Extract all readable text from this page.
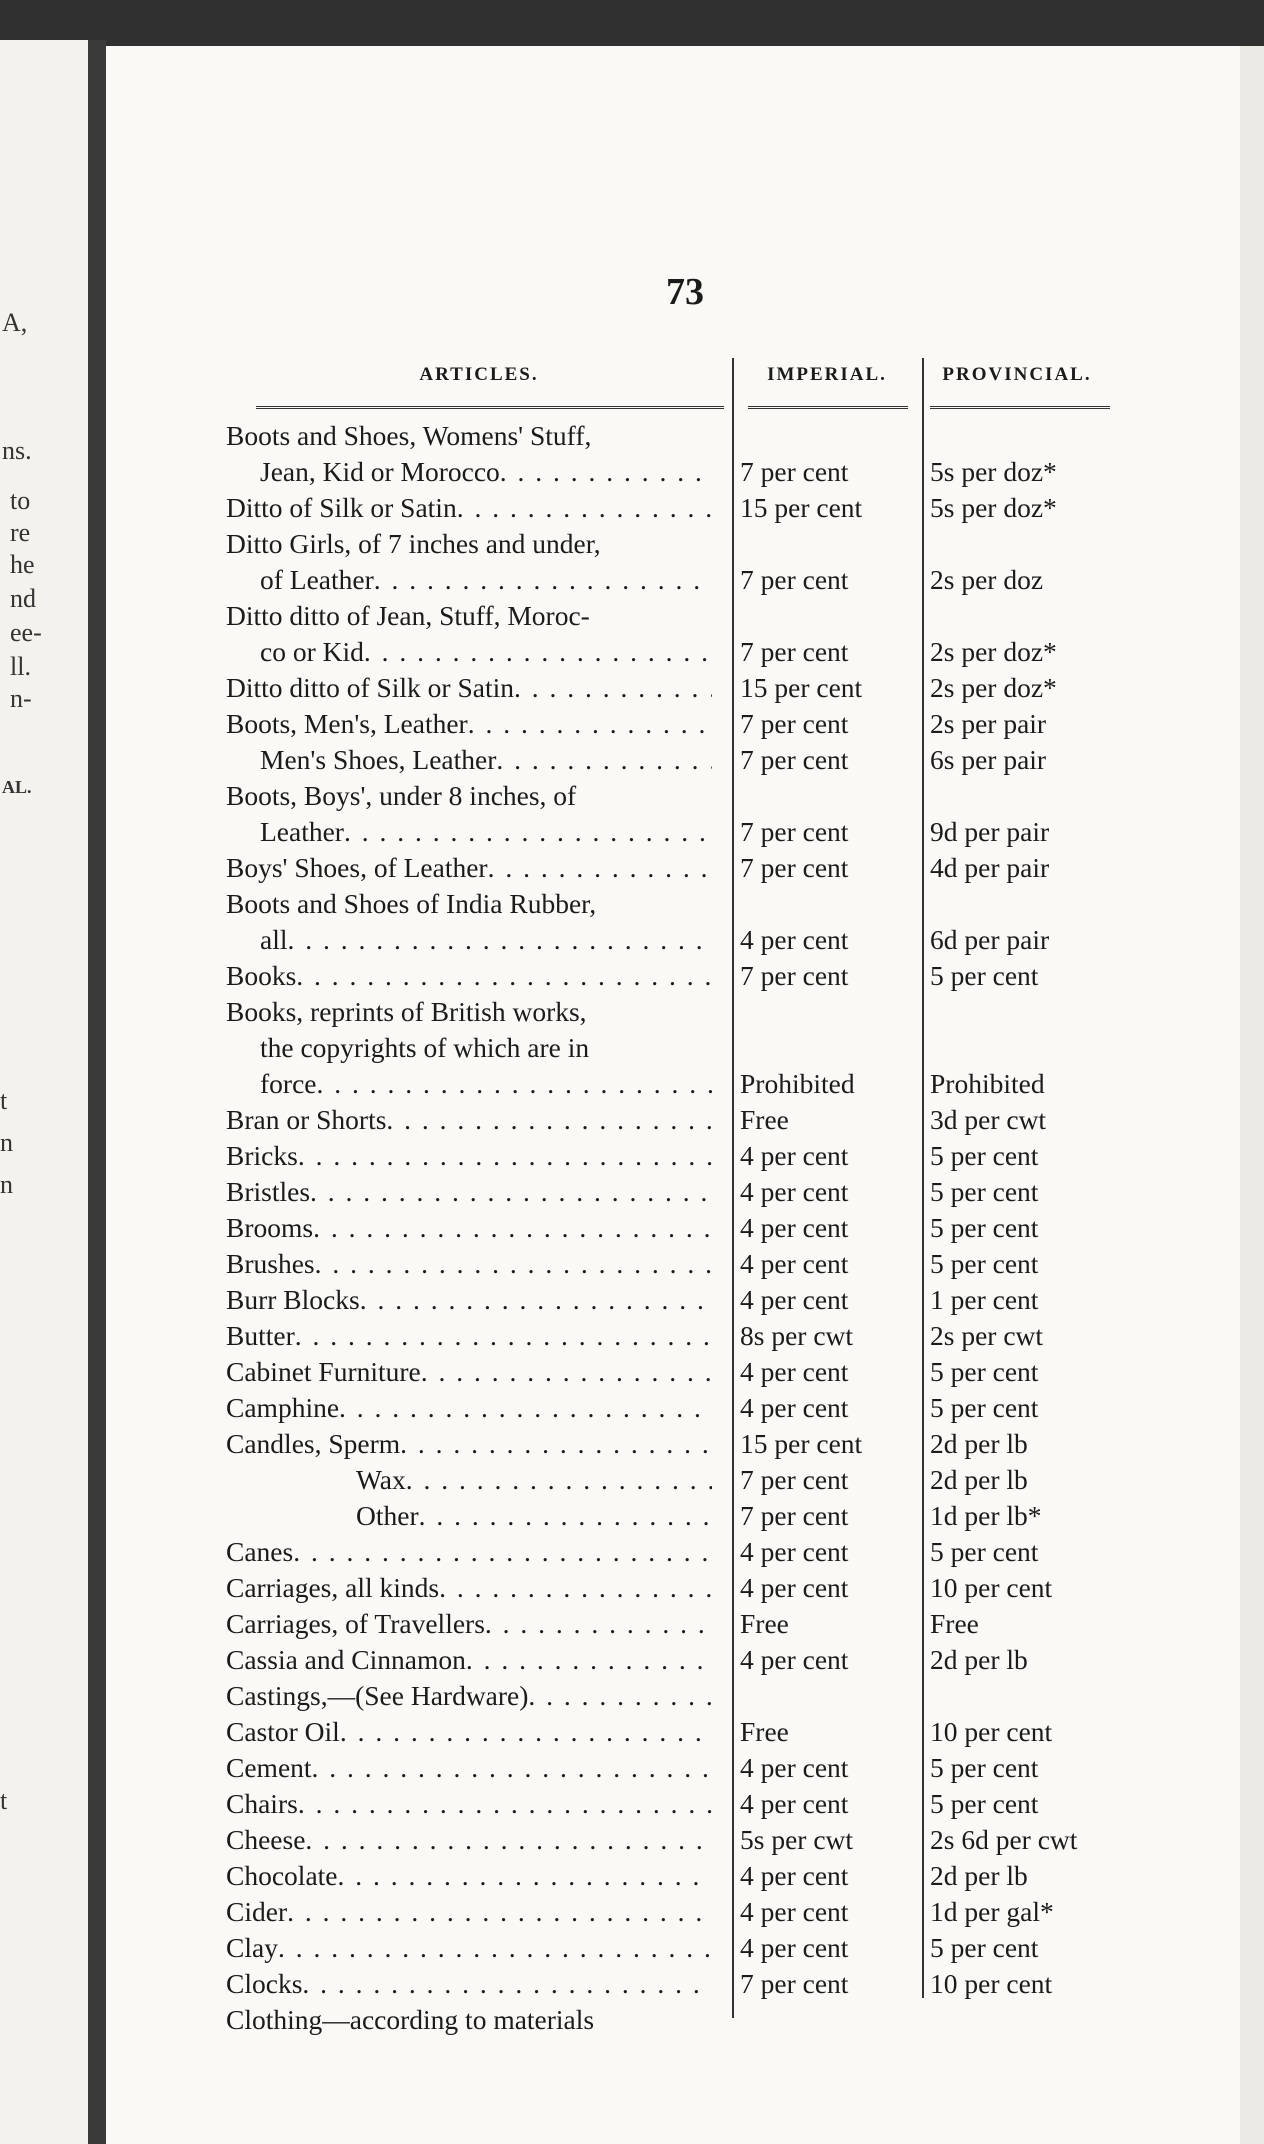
A,
ns.
to
re
he
nd
ee-
ll.
n-
AL.
t
n
n
t
73
ARTICLES.	IMPERIAL.	PROVINCIAL.
Boots and Shoes, Womens' Stuff,
Jean, Kid or Morocco . . .	7 per cent	5s per doz*
Ditto of Silk or Satin . . .	15 per cent	5s per doz*
Ditto Girls, of 7 inches and under,
of Leather . . .	7 per cent	2s per doz
Ditto ditto of Jean, Stuff, Moroc-
co or Kid . . .	7 per cent	2s per doz*
Ditto ditto of Silk or Satin . . .	15 per cent	2s per doz*
Boots, Men's, Leather . . .	7 per cent	2s per pair
Men's Shoes, Leather . . .	7 per cent	6s per pair
Boots, Boys', under 8 inches, of
Leather . . .	7 per cent	9d per pair
Boys' Shoes, of Leather . . .	7 per cent	4d per pair
Boots and Shoes of India Rubber,
all . . .	4 per cent	6d per pair
Books . . .	7 per cent	5 per cent
Books, reprints of British works,
the copyrights of which are in
force . . .	Prohibited	Prohibited
Bran or Shorts . . .	Free	3d per cwt
Bricks . . .	4 per cent	5 per cent
Bristles . . .	4 per cent	5 per cent
Brooms . . .	4 per cent	5 per cent
Brushes . . .	4 per cent	5 per cent
Burr Blocks . . .	4 per cent	1 per cent
Butter . . .	8s per cwt	2s per cwt
Cabinet Furniture . . .	4 per cent	5 per cent
Camphine . . .	4 per cent	5 per cent
Candles, Sperm . . .	15 per cent	2d per lb
Wax . . .	7 per cent	2d per lb
Other . . .	7 per cent	1d per lb*
Canes . . .	4 per cent	5 per cent
Carriages, all kinds . . .	4 per cent	10 per cent
Carriages, of Travellers . . .	Free	Free
Cassia and Cinnamon . . .	4 per cent	2d per lb
Castings,—(See Hardware)
. . .
Castor Oil . . .	Free	10 per cent
Cement . . .	4 per cent	5 per cent
Chairs . . .	4 per cent	5 per cent
Cheese . . .	5s per cwt	2s 6d per cwt
Chocolate . . .	4 per cent	2d per lb
Cider . . .	4 per cent	1d per gal*
Clay . . .	4 per cent	5 per cent
Clocks . . .	7 per cent	10 per cent
Clothing—according to materials
